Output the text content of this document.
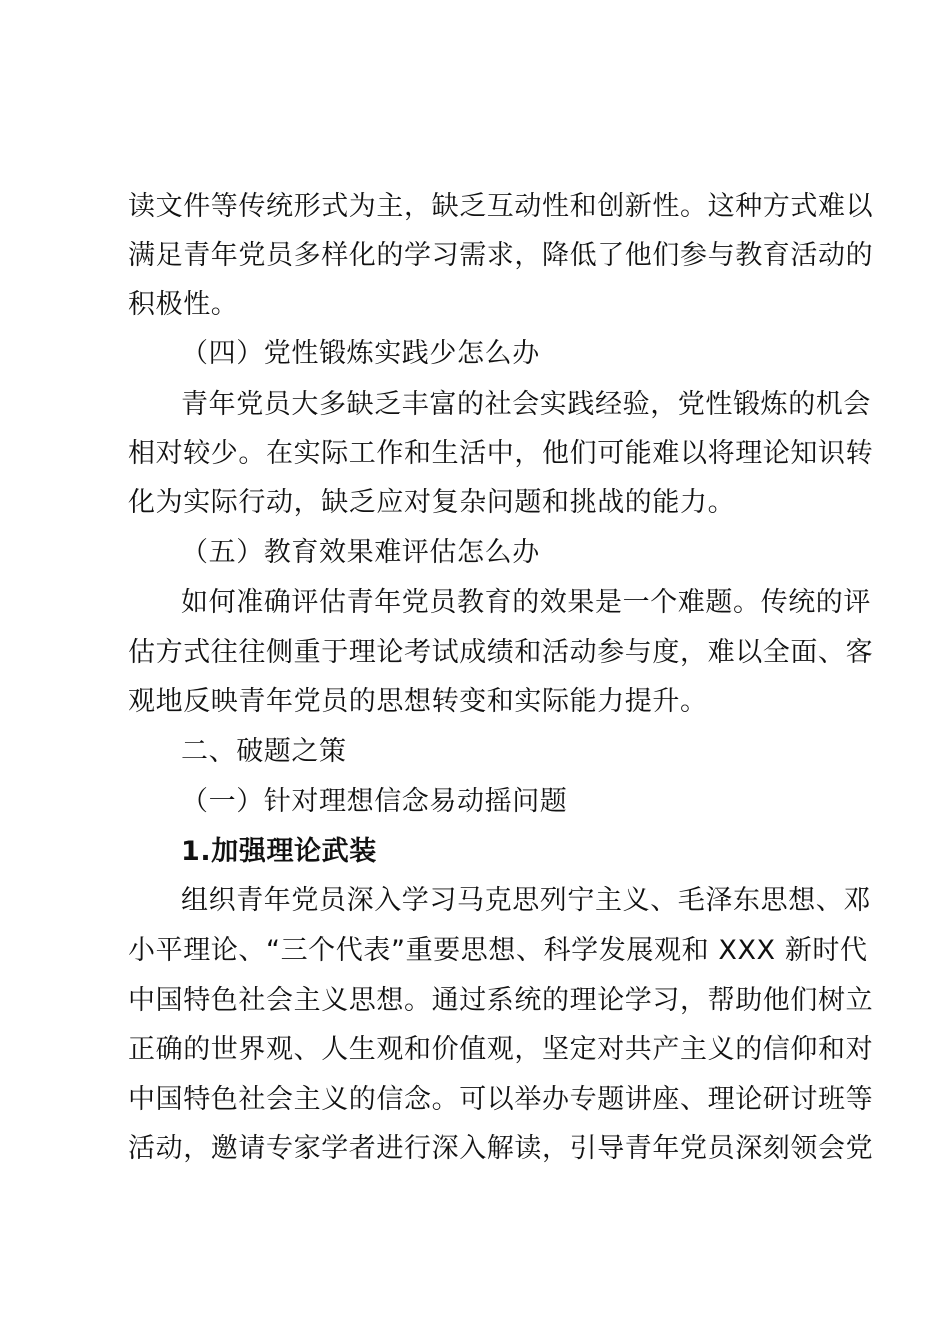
读文件等传统形式为主，缺乏互动性和创新性。这种方式难以
满足青年党员多样化的学习需求，降低了他们参与教育活动的
积极性。
（四）党性锻炼实践少怎么办
青年党员大多缺乏丰富的社会实践经验，党性锻炼的机会
相对较少。在实际工作和生活中，他们可能难以将理论知识转
化为实际行动，缺乏应对复杂问题和挑战的能力。
（五）教育效果难评估怎么办
如何准确评估青年党员教育的效果是一个难题。传统的评
估方式往往侧重于理论考试成绩和活动参与度，难以全面、客
观地反映青年党员的思想转变和实际能力提升。
二、破题之策
（一）针对理想信念易动摇问题
1.加强理论武装
组织青年党员深入学习马克思列宁主义、毛泽东思想、邓
小平理论、“三个代表”重要思想、科学发展观和 XXX 新时代
中国特色社会主义思想。通过系统的理论学习，帮助他们树立
正确的世界观、人生观和价值观，坚定对共产主义的信仰和对
中国特色社会主义的信念。可以举办专题讲座、理论研讨班等
活动，邀请专家学者进行深入解读，引导青年党员深刻领会党
